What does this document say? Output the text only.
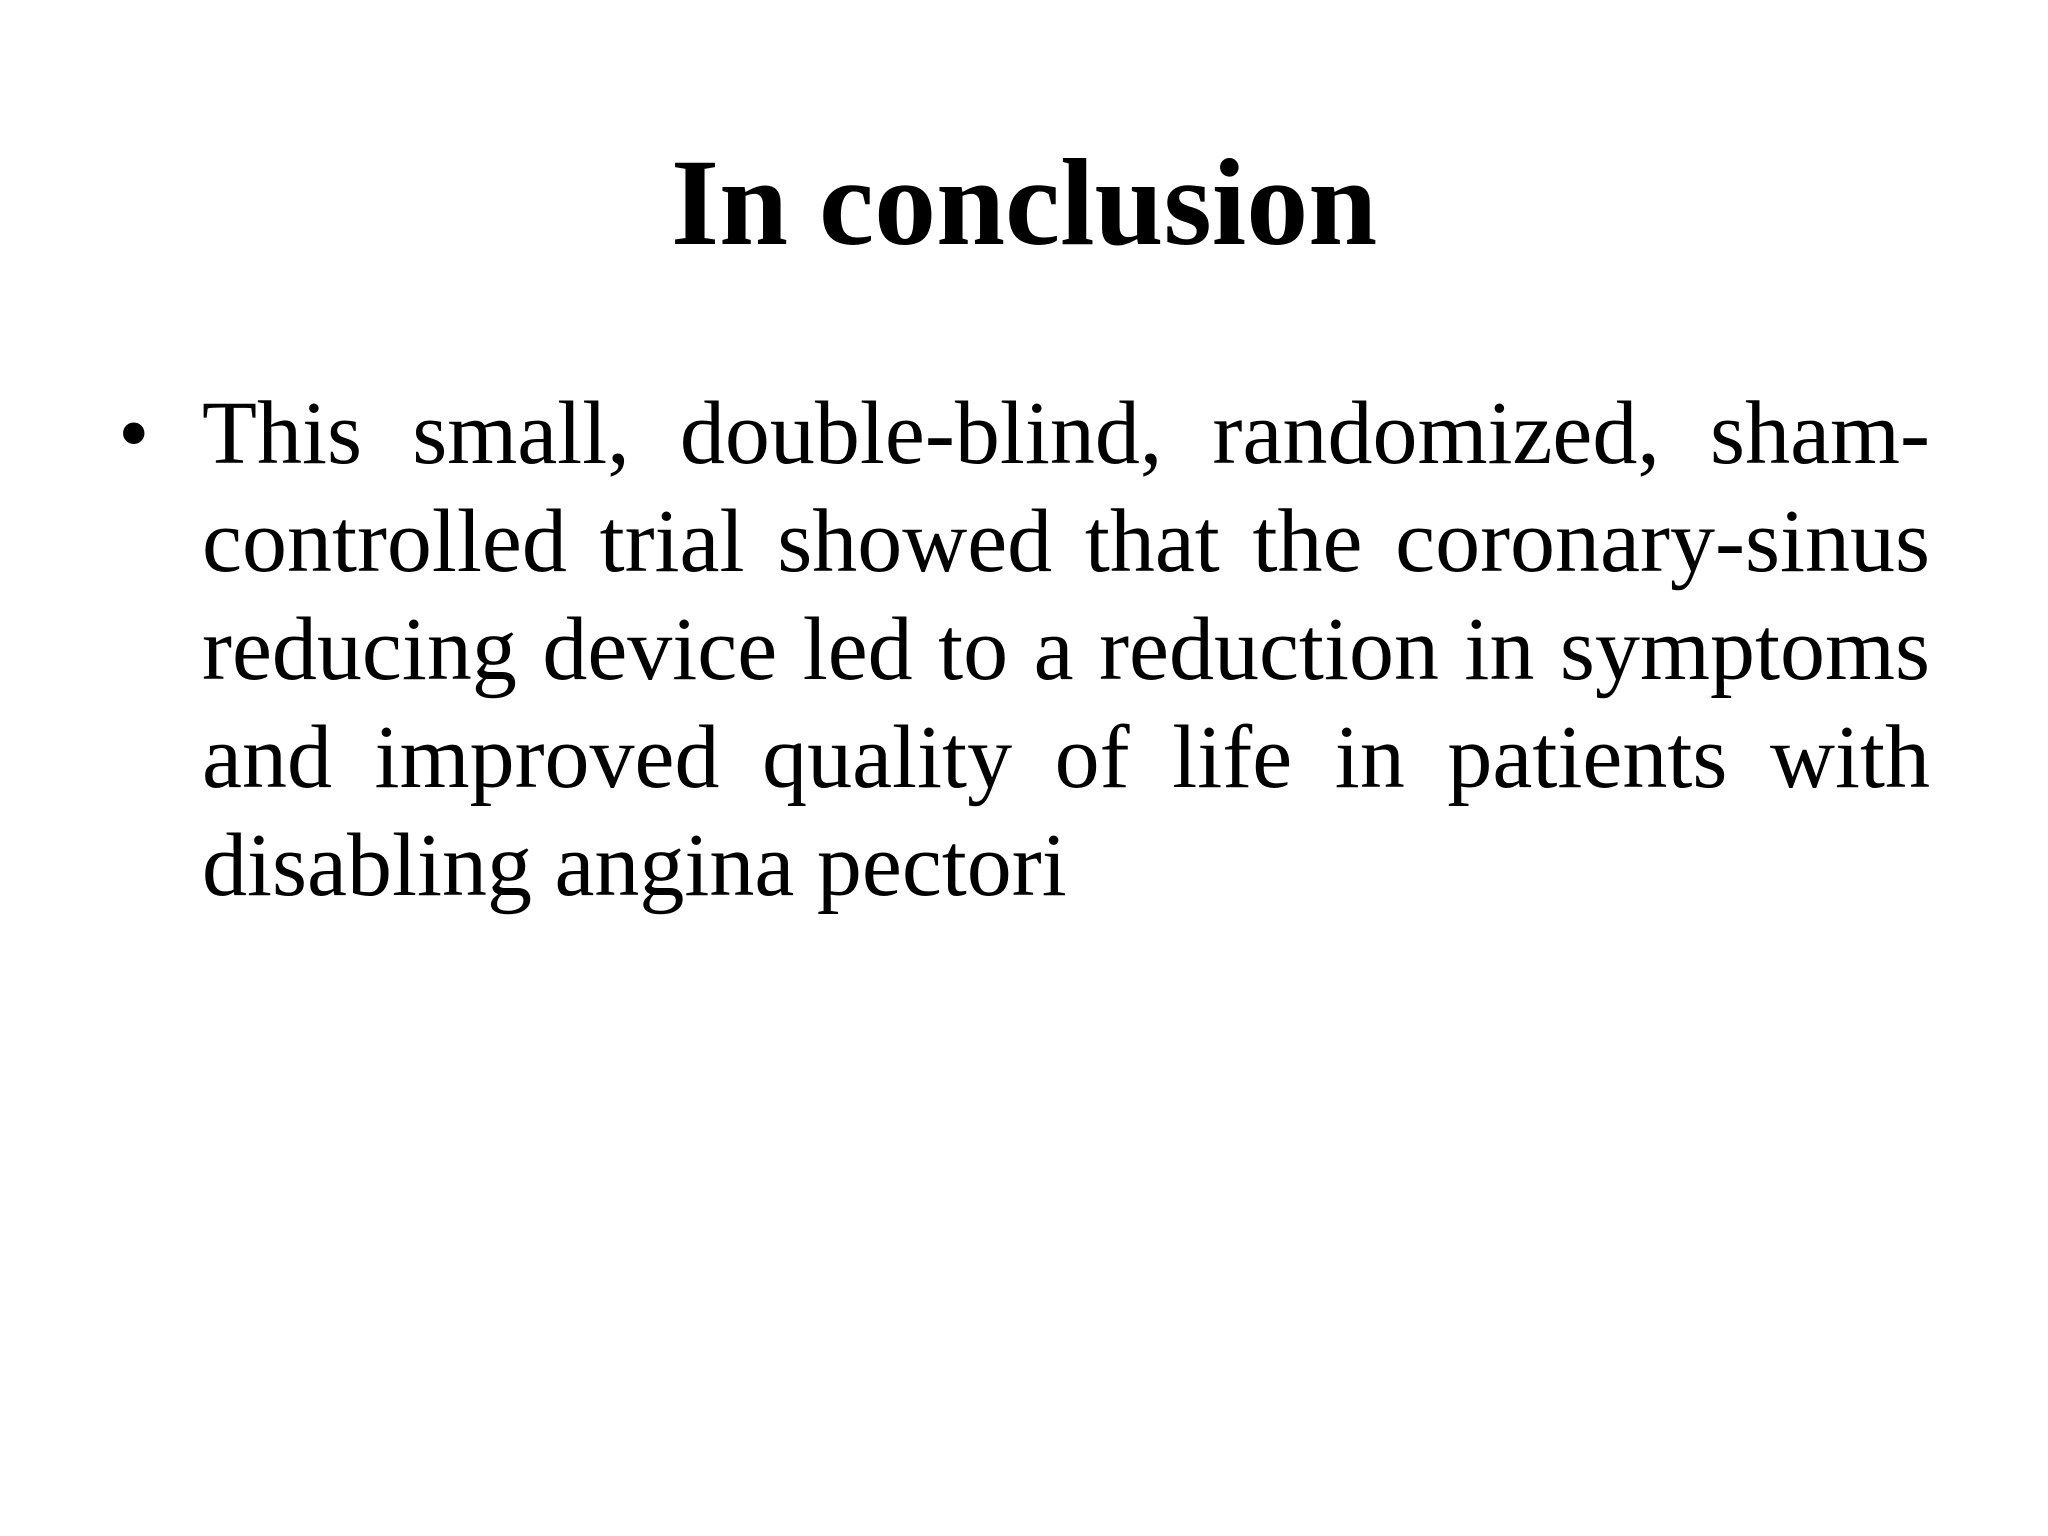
In conclusion
• This small, double-blind, randomized, sham-controlled trial showed that the coronary-sinus reducing device led to a reduction in symptoms and improved quality of life in patients with disabling angina pectori
